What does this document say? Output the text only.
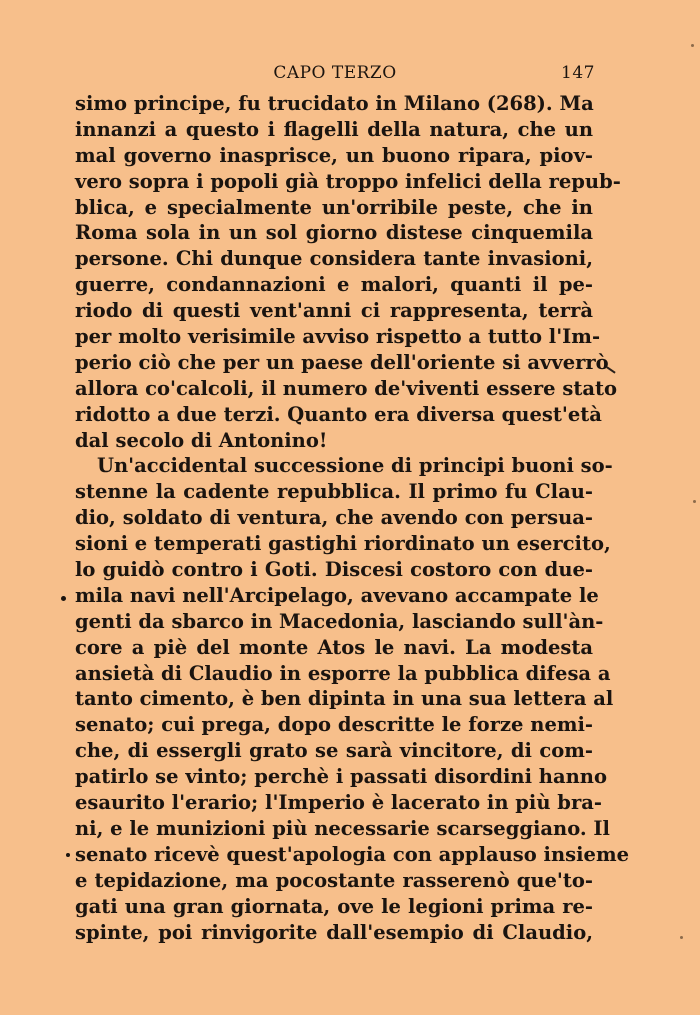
CAPO TERZO	147
simo principe, fu trucidato in Milano (268). Ma
innanzi a questo i flagelli della natura, che un
mal governo inasprisce, un buono ripara, piov-
vero sopra i popoli già troppo infelici della repub-
blica, e specialmente un'orribile peste, che in
Roma sola in un sol giorno distese cinquemila
persone. Chi dunque considera tante invasioni,
guerre, condannazioni e malori, quanti il pe-
riodo di questi vent'anni ci rappresenta, terrà
per molto verisimile avviso rispetto a tutto l'Im-
perio ciò che per un paese dell'oriente si avverrò
allora co'calcoli, il numero de'viventi essere stato
ridotto a due terzi. Quanto era diversa quest'età
dal secolo di Antonino!
Un'accidental successione di principi buoni so-
stenne la cadente repubblica. Il primo fu Clau-
dio, soldato di ventura, che avendo con persua-
sioni e temperati gastighi riordinato un esercito,
lo guidò contro i Goti. Discesi costoro con due-
mila navi nell'Arcipelago, avevano accampate le
genti da sbarco in Macedonia, lasciando sull'àn-
core a piè del monte Atos le navi. La modesta
ansietà di Claudio in esporre la pubblica difesa a
tanto cimento, è ben dipinta in una sua lettera al
senato; cui prega, dopo descritte le forze nemi-
che, di essergli grato se sarà vincitore, di com-
patirlo se vinto; perchè i passati disordini hanno
esaurito l'erario; l'Imperio è lacerato in più bra-
ni, e le munizioni più necessarie scarseggiano. Il
senato ricevè quest'apologia con applauso insieme
e tepidazione, ma pocostante rasserenò que'to-
gati una gran giornata, ove le legioni prima re-
spinte, poi rinvigorite dall'esempio di Claudio,
